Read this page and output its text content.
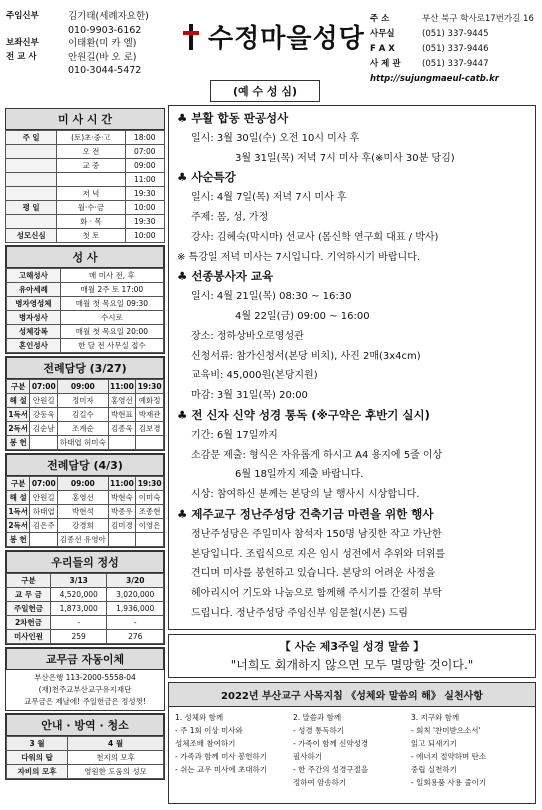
주임신부	김기태(세례자요한)
010-9903-6162
보좌신부	이태환(미 카 엘)
전 교 사	안원길(바 오 로)
010-3044-5472
수정마을성당
주 소	부산 북구 학사로17번가길 16
사무실	(051) 337-9445
F A X	(051) 337-9446
사 제 관	(051) 337-9447
http://sujungmaeul-catb.kr
(예 수 성 심)
미 사 시 간
주 일	(토)초·중·고	18:00
	오 전	07:00
	교 중	09:00
		11:00
	저 녁	19:30
평 일	월·수·금	10:00
	화 · 목	19:30
성모신심	첫 토	10:00
성 사
고해성사	매 미사 전, 후
유아세례	매월 2주 토 17:00
병자영성체	매월 첫 목요일 09:30
병자성사	수시로
성체강복	매월 첫 목요일 20:00
혼인성사	한 달 전 사무실 접수
전례담당 (3/27)
구분	07:00	09:00	11:00	19:30
해 설	안원길	정미자	홍영선	예화정
1독서	강동욱	김길수	박현표	박재관
2독서	김순남	조계순	김종욱	김보경
봉 헌		하태엽 허미숙		
전례담당 (4/3)
구분	07:00	09:00	11:00	19:30
해 설	안원길	홍영선	박현숙	이미숙
1독서	하태엽	박현석	박종우	조종현
2독서	김은주	강경희	김미경	이영은
봉 헌		김종선 유영아		
우리들의 정성
구분	3/13	3/20
교 무 금	4,520,000	3,020,000
주일헌금	1,873,000	1,936,000
2차헌금	-	-
미사인원	259	276
교무금 자동이체
부산은행 113-2000-5558-04
(재)천주교부산교구유지재단
교무금은 제날에! 주일헌금은 정성껏!
안내 · 방역 · 청소
3 월	4 월
다워의 탑	천지의 모후
자비의 모후	영원한 도움의 성모
♣ 부활 합동 판공성사
일시: 3월 30일(수) 오전 10시 미사 후
3월 31일(목) 저녁 7시 미사 후(※미사 30분 당김)
♣ 사순특강
일시: 4월 7일(목) 저녁 7시 미사 후
주제: 몸, 성, 가정
강사: 김혜숙(막시마) 선교사 (몸신학 연구회 대표 / 박사)
※ 특강일 저녁 미사는 7시입니다. 기억하시기 바랍니다.
♣ 선종봉사자 교육
일시: 4월 21일(목) 08:30 ~ 16:30
4월 22일(금) 09:00 ~ 16:00
장소: 정하상바오로영성관
신청서류: 참가신청서(본당 비치), 사진 2매(3x4cm)
교육비: 45,000원(본당지원)
마감: 3월 31일(목) 20:00
♣ 전 신자 신약 성경 통독 (※구약은 후반기 실시)
기간: 6월 17일까지
소감문 제출: 형식은 자유롭게 하시고 A4 용지에 5줄 이상
6월 18일까지 제출 바랍니다.
시상: 참여하신 분께는 본당의 날 행사시 시상합니다.
♣ 제주교구 정난주성당 건축기금 마련을 위한 행사
정난주성당은 주일미사 참석자 150명 남짓한 작고 가난한
본당입니다. 조립식으로 지은 임시 성전에서 추위와 더위를
견디며 미사를 봉헌하고 있습니다. 본당의 어려운 사정을
헤아리시어 기도와 나눔으로 함께해 주시기를 간절히 부탁
드립니다. 정난주성당 주임신부 임문철(시몬) 드림
【 사순 제3주일 성경 말씀 】
"너희도 회개하지 않으면 모두 멸망할 것이다."
2022년 부산교구 사목지침 《성체와 말씀의 해》 실천사항
1. 성체와 함께
- 주 1회 이상 미사와
성체조배 참여하기
- 가족과 함께 미사 봉헌하기
- 쉬는 교우 미사에 초대하기
2. 말씀과 함께
- 성경 통독하기
- 가족이 함께 신약성경
필사하기
- 한 주간의 성경구절을
정하여 암송하기
3. 지구와 함께
- 회칙 '찬미받으소서'
읽고 되새기기
- 에너지 절약하며 탄소
중립 실천하기
- 일회용품 사용 줄이기
